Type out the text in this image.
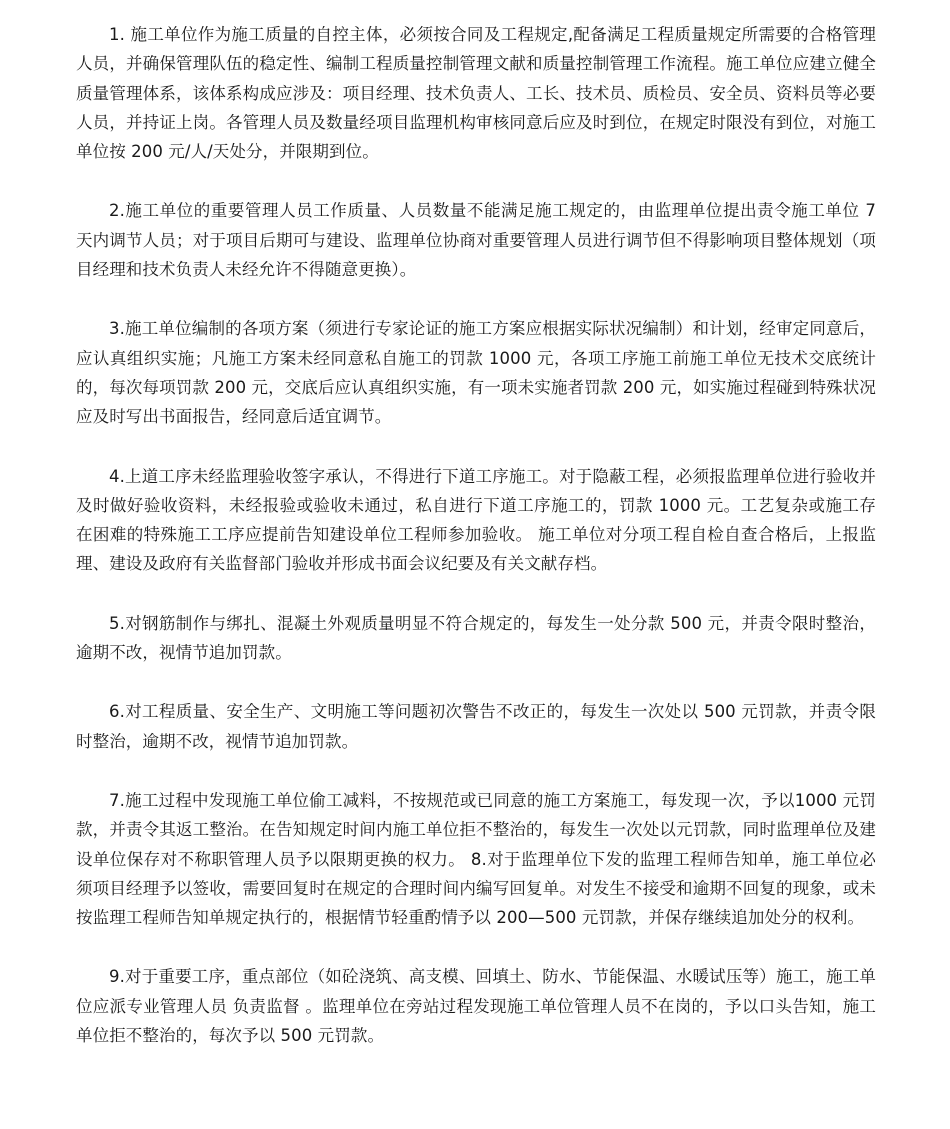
1. 施工单位作为施工质量的自控主体，必须按合同及工程规定,配备满足工程质量规定所需要的合格管理人员，并确保管理队伍的稳定性、编制工程质量控制管理文献和质量控制管理工作流程。施工单位应建立健全质量管理体系，该体系构成应涉及：项目经理、技术负责人、工长、技术员、质检员、安全员、资料员等必要人员，并持证上岗。各管理人员及数量经项目监理机构审核同意后应及时到位，在规定时限没有到位，对施工单位按 200 元/人/天处分，并限期到位。

2.施工单位的重要管理人员工作质量、人员数量不能满足施工规定的，由监理单位提出责令施工单位 7 天内调节人员；对于项目后期可与建设、监理单位协商对重要管理人员进行调节但不得影响项目整体规划（项目经理和技术负责人未经允许不得随意更换）。

3.施工单位编制的各项方案（须进行专家论证的施工方案应根据实际状况编制）和计划，经审定同意后，应认真组织实施；凡施工方案未经同意私自施工的罚款 1000 元，各项工序施工前施工单位无技术交底统计的，每次每项罚款 200 元，交底后应认真组织实施，有一项未实施者罚款 200 元，如实施过程碰到特殊状况应及时写出书面报告，经同意后适宜调节。

4.上道工序未经监理验收签字承认，不得进行下道工序施工。对于隐蔽工程，必须报监理单位进行验收并及时做好验收资料，未经报验或验收未通过，私自进行下道工序施工的，罚款 1000 元。工艺复杂或施工存在困难的特殊施工工序应提前告知建设单位工程师参加验收。 施工单位对分项工程自检自查合格后，上报监理、建设及政府有关监督部门验收并形成书面会议纪要及有关文献存档。

5.对钢筋制作与绑扎、混凝土外观质量明显不符合规定的，每发生一处分款 500 元，并责令限时整治，逾期不改，视情节追加罚款。

6.对工程质量、安全生产、文明施工等问题初次警告不改正的，每发生一次处以 500 元罚款，并责令限时整治，逾期不改，视情节追加罚款。

7.施工过程中发现施工单位偷工减料，不按规范或已同意的施工方案施工，每发现一次，予以1000 元罚款，并责令其返工整治。在告知规定时间内施工单位拒不整治的，每发生一次处以元罚款，同时监理单位及建设单位保存对不称职管理人员予以限期更换的权力。 8.对于监理单位下发的监理工程师告知单，施工单位必须项目经理予以签收，需要回复时在规定的合理时间内编写回复单。对发生不接受和逾期不回复的现象，或未按监理工程师告知单规定执行的，根据情节轻重酌情予以 200—500 元罚款，并保存继续追加处分的权利。

9.对于重要工序，重点部位（如砼浇筑、高支模、回填土、防水、节能保温、水暖试压等）施工，施工单位应派专业管理人员 负责监督 。监理单位在旁站过程发现施工单位管理人员不在岗的，予以口头告知，施工单位拒不整治的，每次予以 500 元罚款。
